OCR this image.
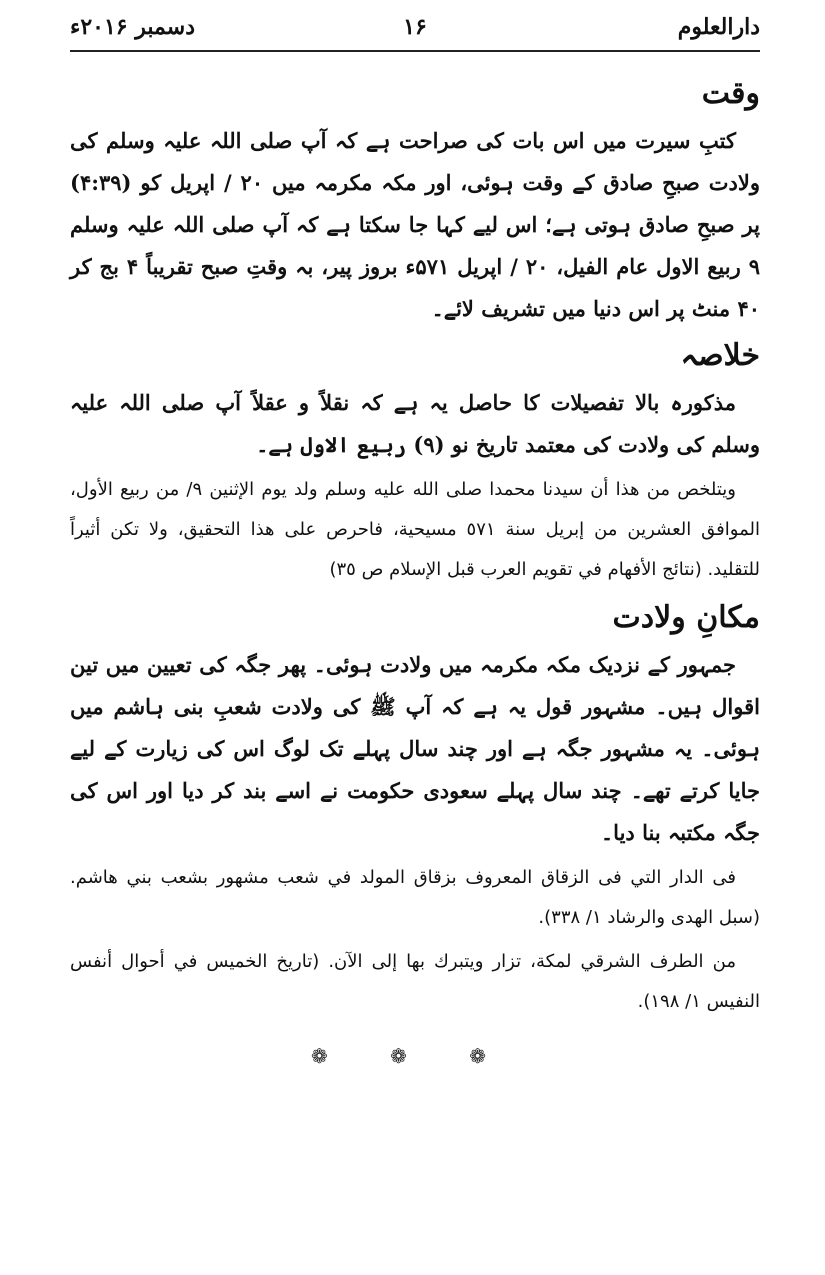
دارالعلوم
۱۶
دسمبر ۲۰۱۶ء
وقت

کتبِ سیرت میں اس بات کی صراحت ہے کہ آپ صلی اللہ علیہ وسلم کی ولادت صبحِ صادق کے وقت ہوئی، اور مکہ مکرمہ میں ۲۰ / اپریل کو (۴:۳۹) پر صبحِ صادق ہوتی ہے؛ اس لیے کہا جا سکتا ہے کہ آپ صلی اللہ علیہ وسلم ۹ ربیع الاول عام الفیل، ۲۰ / اپریل ۵۷۱ء بروز پیر، بہ وقتِ صبح تقریباً ۴ بج کر ۴۰ منٹ پر اس دنیا میں تشریف لائے۔

خلاصہ

مذکورہ بالا تفصیلات کا حاصل یہ ہے کہ نقلاً و عقلاً آپ صلی اللہ علیہ وسلم کی ولادت کی معتمد تاریخ نو (۹) ربیع الاول ہے۔

ويتلخص من هذا أن سيدنا محمدا صلى الله عليه وسلم ولد يوم الإثنين ٩/ من ربيع الأول، الموافق العشرين من إبريل سنة ٥٧١ مسيحية، فاحرص على هذا التحقيق، ولا تكن أثيراً للتقليد. (نتائج الأفهام في تقويم العرب قبل الإسلام ص ٣٥)

مکانِ ولادت

جمہور کے نزدیک مکہ مکرمہ میں ولادت ہوئی۔ پھر جگہ کی تعیین میں تین اقوال ہیں۔ مشہور قول یہ ہے کہ آپ ﷺ کی ولادت شعبِ بنی ہاشم میں ہوئی۔ یہ مشہور جگہ ہے اور چند سال پہلے تک لوگ اس کی زیارت کے لیے جایا کرتے تھے۔ چند سال پہلے سعودی حکومت نے اسے بند کر دیا اور اس کی جگہ مکتبہ بنا دیا۔

فى الدار التي فى الزقاق المعروف بزقاق المولد في شعب مشهور بشعب بني هاشم. (سبل الهدى والرشاد ١/ ٣٣٨).

من الطرف الشرقي لمكة، تزار ويتبرك بها إلى الآن. (تاريخ الخميس في أحوال أنفس النفيس ١/ ١٩٨).

❁ ❁ ❁
